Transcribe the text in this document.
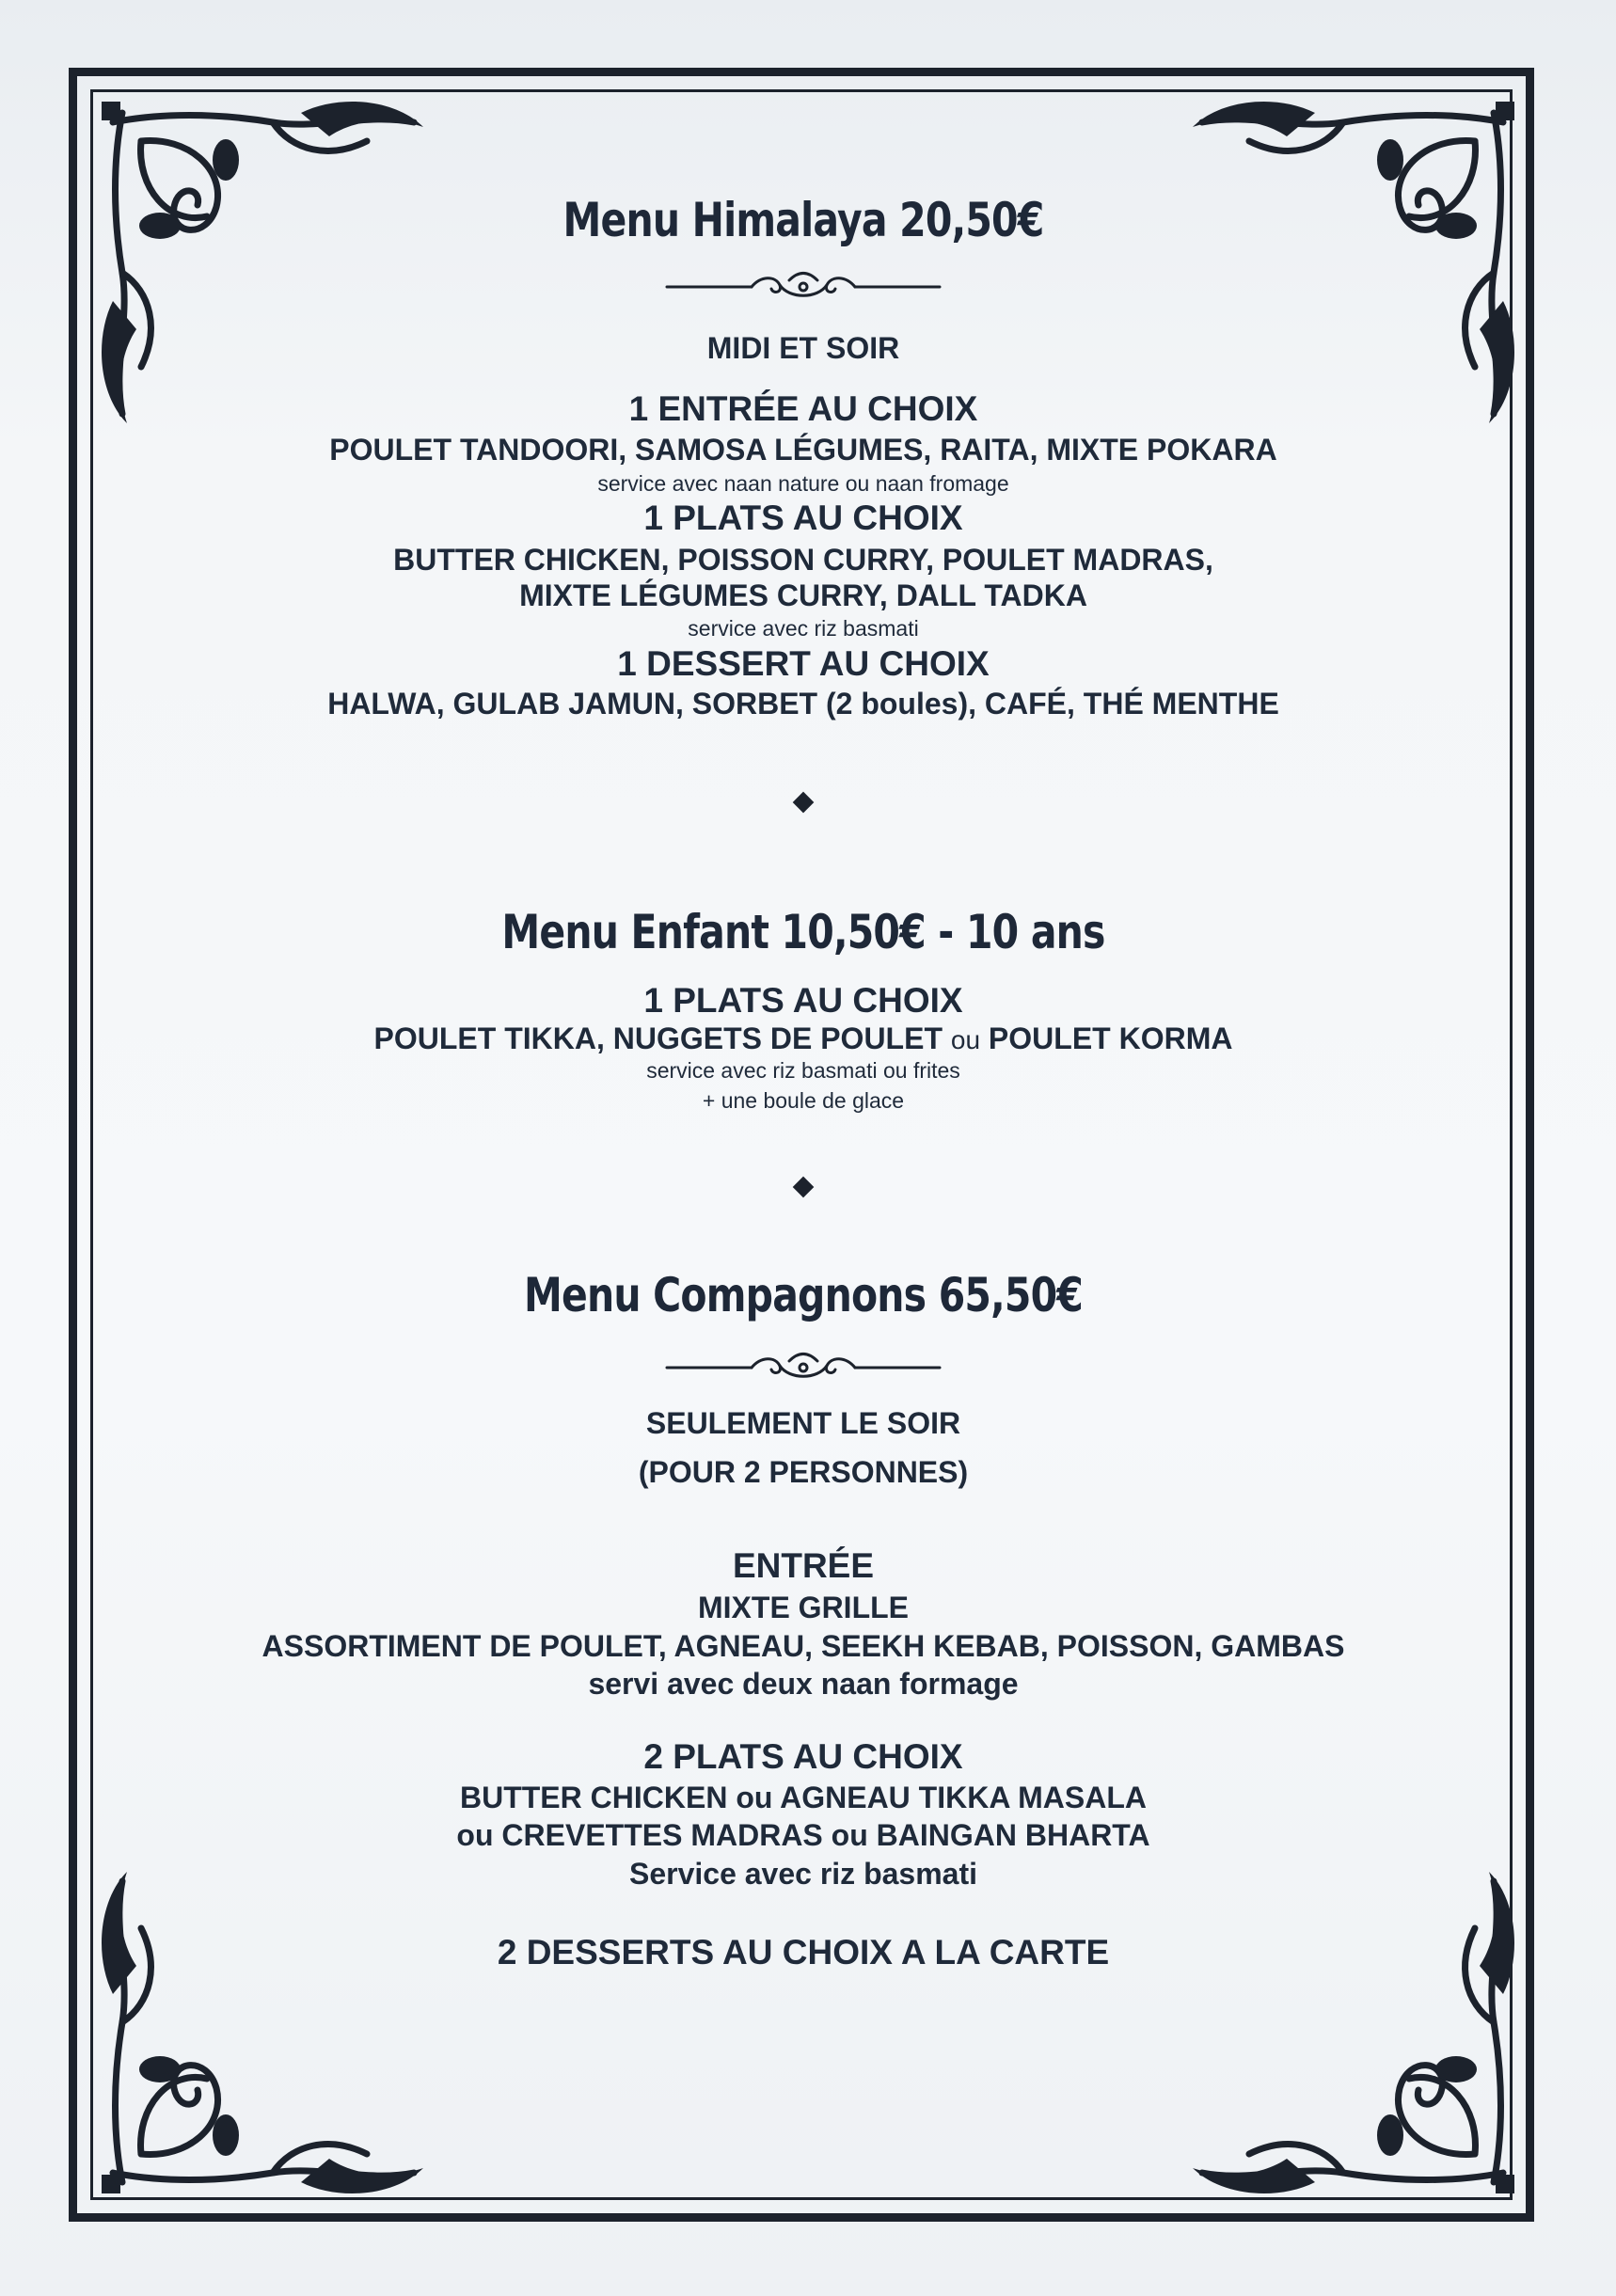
Menu Himalaya 20,50€
MIDI ET SOIR
1 ENTRÉE AU CHOIX
POULET TANDOORI, SAMOSA LÉGUMES, RAITA, MIXTE POKARA
service avec naan nature ou naan fromage
1 PLATS AU CHOIX
BUTTER CHICKEN, POISSON CURRY, POULET MADRAS,
MIXTE LÉGUMES CURRY, DALL TADKA
service avec riz basmati
1 DESSERT AU CHOIX
HALWA, GULAB JAMUN, SORBET (2 boules), CAFÉ, THÉ MENTHE
Menu Enfant 10,50€ - 10 ans
1 PLATS AU CHOIX
POULET TIKKA, NUGGETS DE POULET ou POULET KORMA
service avec riz basmati ou frites
+ une boule de glace
Menu Compagnons 65,50€
SEULEMENT LE SOIR
(POUR 2 PERSONNES)
ENTRÉE
MIXTE GRILLE
ASSORTIMENT DE POULET, AGNEAU, SEEKH KEBAB, POISSON, GAMBAS
servi avec deux naan formage
2 PLATS AU CHOIX
BUTTER CHICKEN ou AGNEAU TIKKA MASALA
ou CREVETTES MADRAS ou BAINGAN BHARTA
Service avec riz basmati
2 DESSERTS AU CHOIX A LA CARTE
